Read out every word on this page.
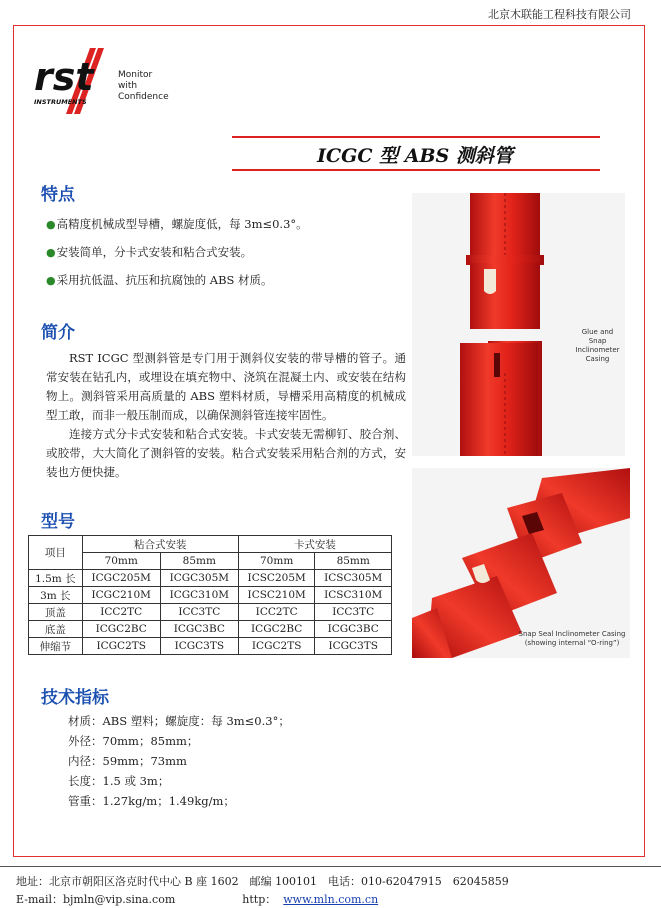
北京木联能工程科技有限公司
rst
INSTRUMENTS
Monitor
with
Confidence
ICGC 型 ABS 测斜管
特点
●高精度机械成型导槽，螺旋度低，每 3m≤0.3°。
●安装简单，分卡式安装和粘合式安装。
●采用抗低温、抗压和抗腐蚀的 ABS 材质。
简介

RST ICGC 型测斜管是专门用于测斜仪安装的带导槽的管子。通常安装在钻孔内，或埋设在填充物中、浇筑在混凝土内、或安装在结构物上。测斜管采用高质量的 ABS 塑料材质，导槽采用高精度的机械成型工敢，而非一般压制而成，以确保测斜管连接牢固性。

连接方式分卡式安装和粘合式安装。卡式安装无需柳钉、胶合剂、或胶带，大大简化了测斜管的安装。粘合式安装采用粘合剂的方式，安装也方便快捷。

型号
项目	粘合式安装		卡式安装	
	70mm	85mm	70mm	85mm
1.5m 长	ICGC205M	ICGC305M	ICSC205M	ICSC305M
3m 长	ICGC210M	ICGC310M	ICSC210M	ICSC310M
顶盖	ICC2TC	ICC3TC	ICC2TC	ICC3TC
底盖	ICGC2BC	ICGC3BC	ICGC2BC	ICGC3BC
伸缩节	ICGC2TS	ICGC3TS	ICGC2TS	ICGC3TS
技术指标
材质：ABS 塑料；螺旋度：每 3m≤0.3°；
外径：70mm；85mm；
内径：59mm；73mm
长度：1.5 或 3m；
管重：1.27kg/m；1.49kg/m；
Glue and
Snap
Inclinometer
Casing
Snap Seal Inclinometer Casing
(showing internal “O-ring”)
地址：北京市朝阳区洛克时代中心 B 座 1602　邮编 100101　电话：010-62047915　62045859
E-mail：bjmln@vip.sina.com	http： www.mln.com.cn
